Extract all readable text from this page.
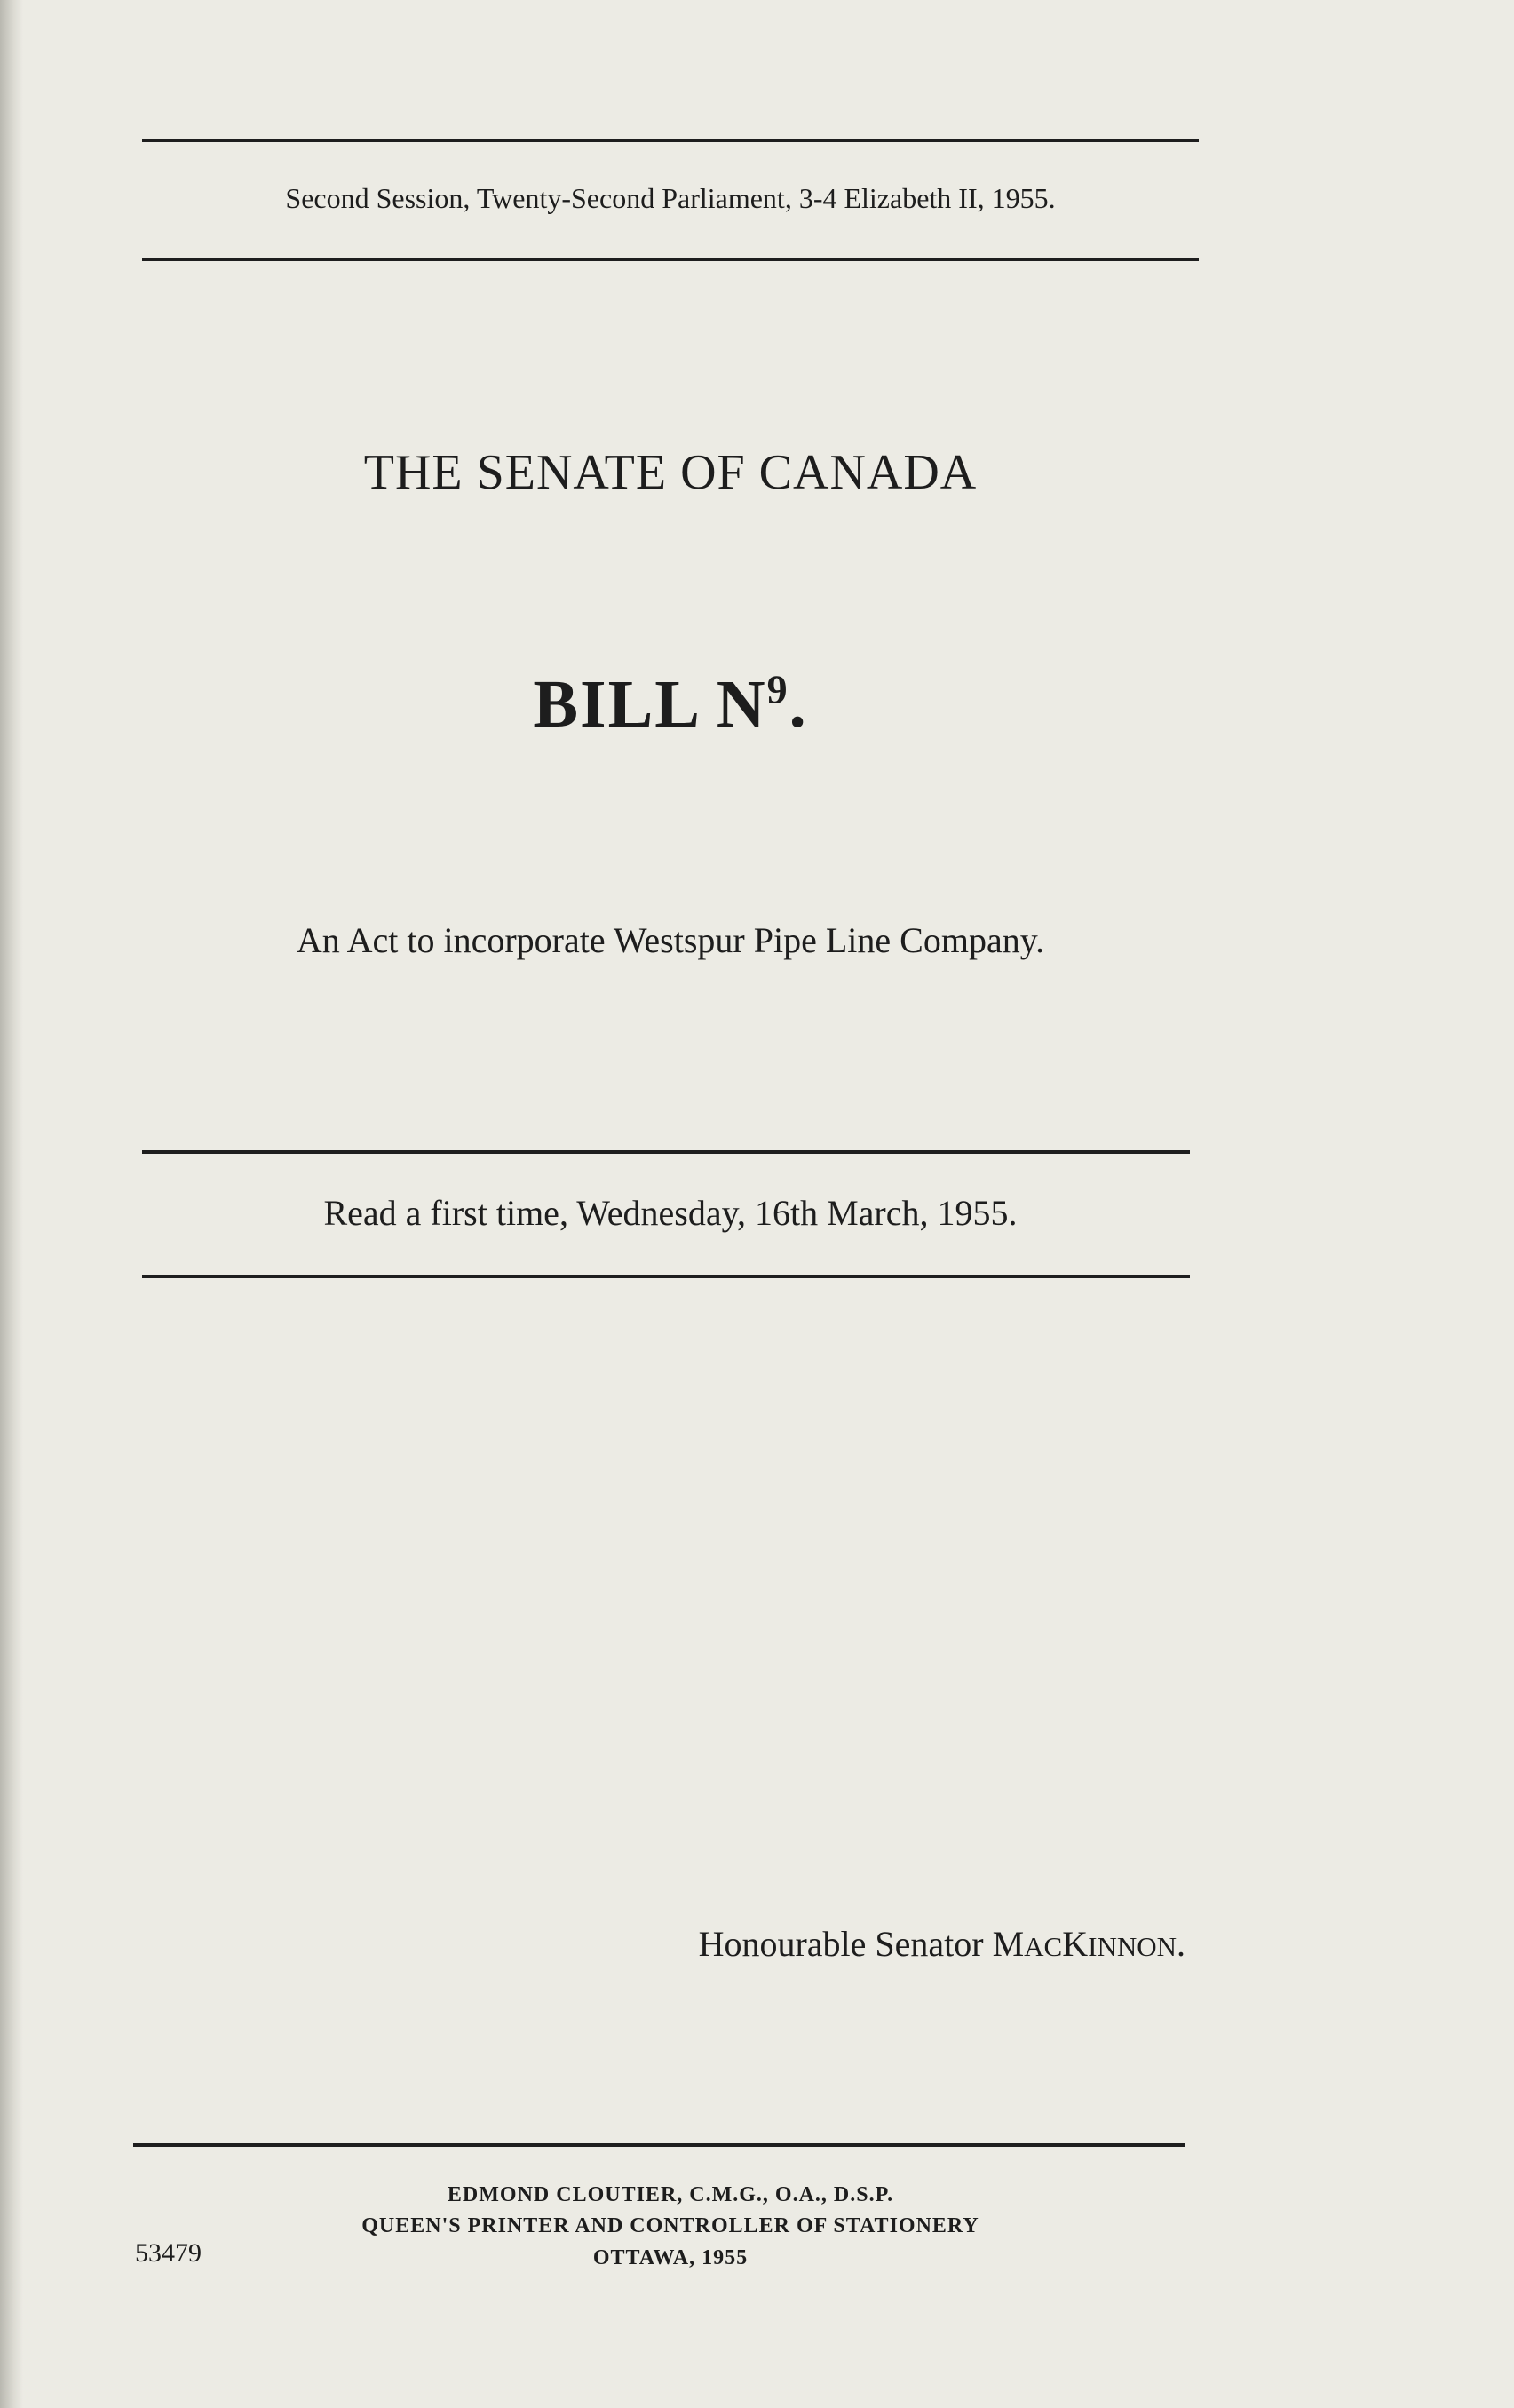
Second Session, Twenty-Second Parliament, 3-4 Elizabeth II, 1955.
THE SENATE OF CANADA
BILL $N^9$.
An Act to incorporate Westspur Pipe Line Company.
Read a first time, Wednesday, 16th March, 1955.
Honourable Senator MACKINNON.
EDMOND CLOUTIER, C.M.G., O.A., D.S.P.
QUEEN'S PRINTER AND CONTROLLER OF STATIONERY
OTTAWA, 1955
53479
